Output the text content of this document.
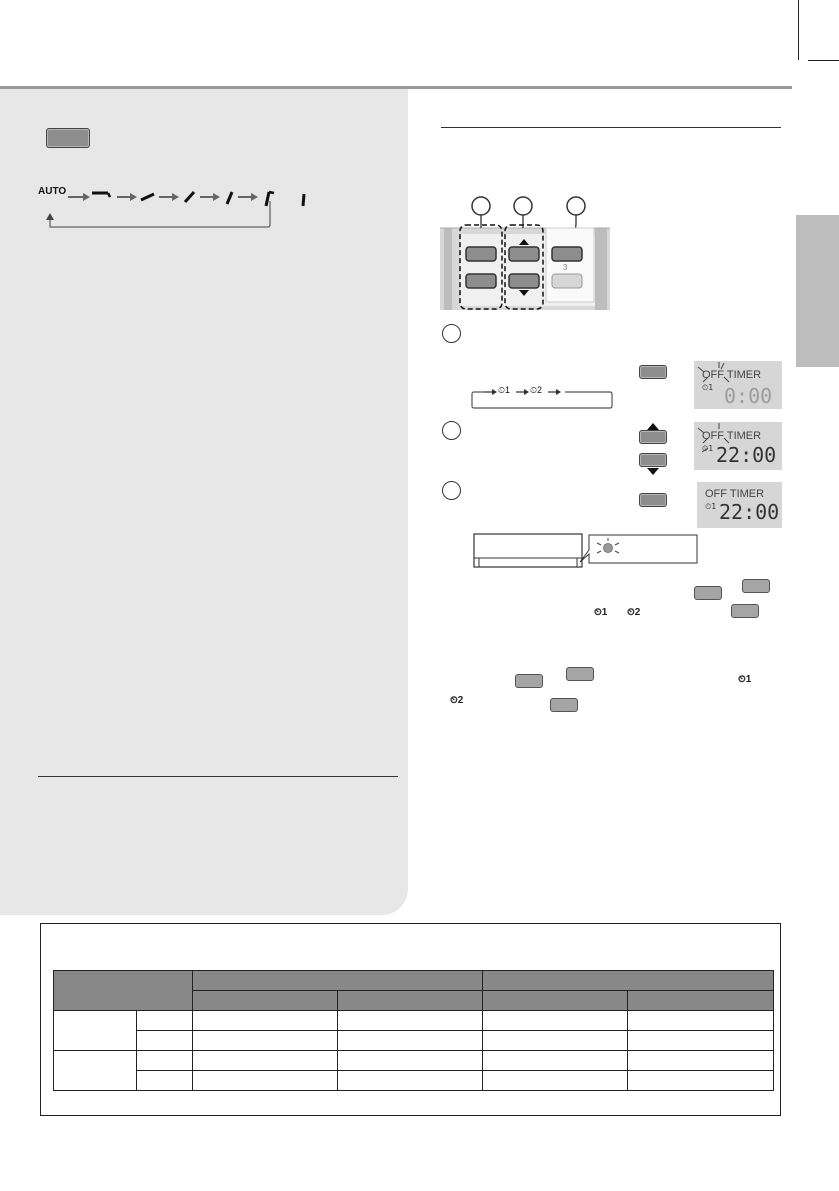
AUTO
3
⏲1 ⏲2
OFF TIMER
⏲1 0:00
OFF TIMER
⏲1 22:00
OFF TIMER
⏲1 22:00
⏲1 ⏲2
⏲1
⏲2
